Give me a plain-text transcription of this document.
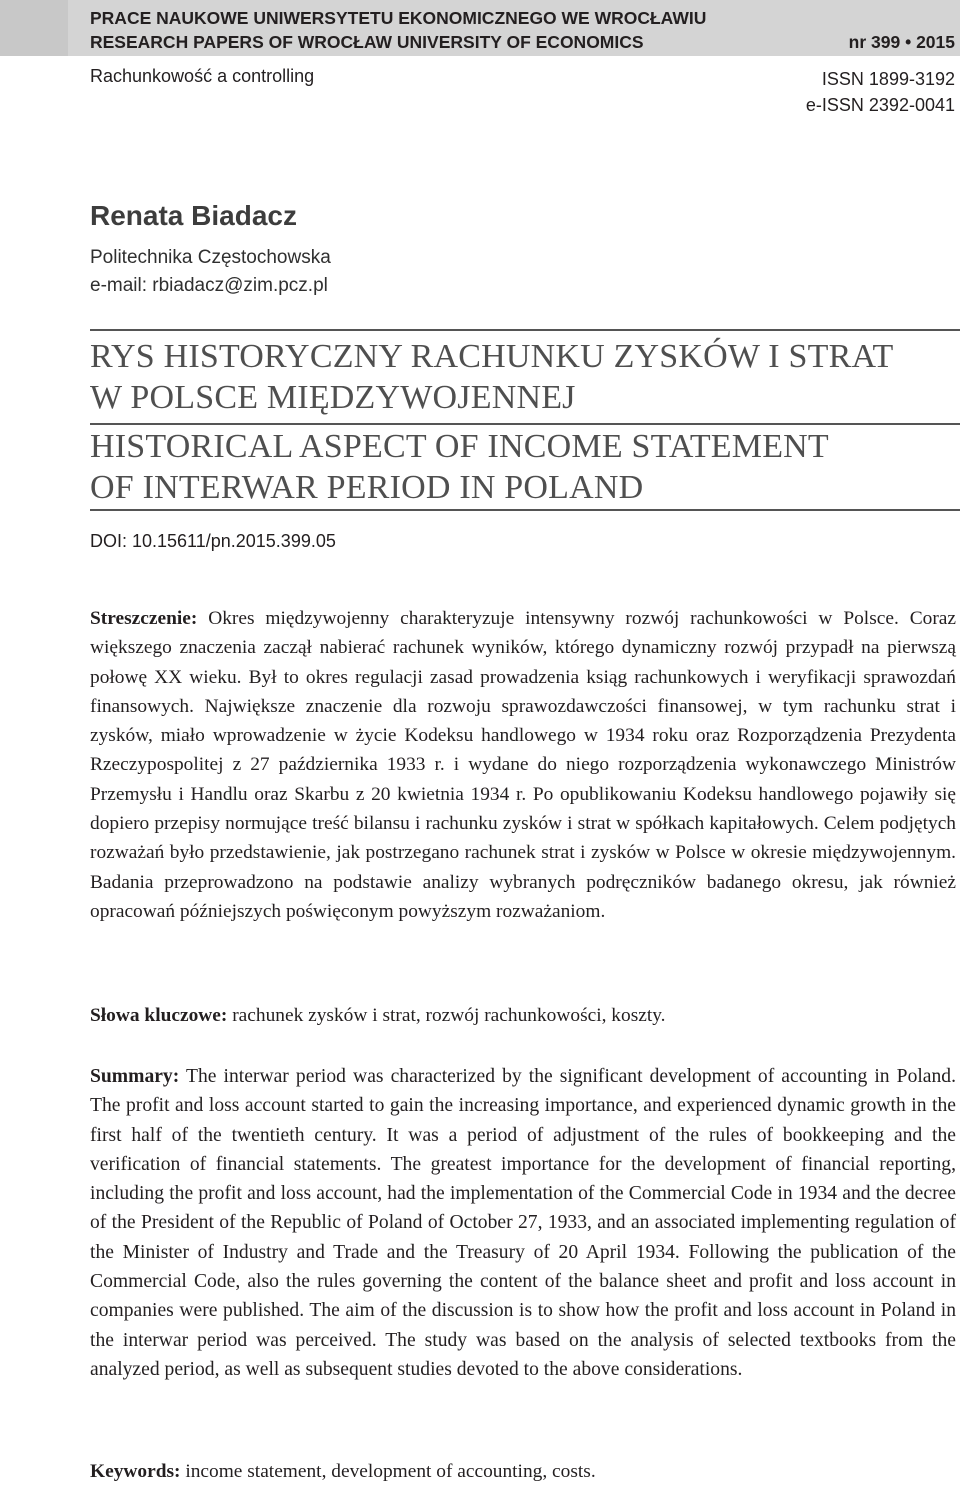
PRACE NAUKOWE UNIWERSYTETU EKONOMICZNEGO WE WROCŁAWIU
RESEARCH PAPERS OF WROCŁAW UNIVERSITY OF ECONOMICS	nr 399 • 2015
Rachunkowość a controlling	ISSN 1899-3192
e-ISSN 2392-0041
Renata Biadacz
Politechnika Częstochowska
e-mail: rbiadacz@zim.pcz.pl
RYS HISTORYCZNY RACHUNKU ZYSKÓW I STRAT
W POLSCE MIĘDZYWOJENNEJ
HISTORICAL ASPECT OF INCOME STATEMENT
OF INTERWAR PERIOD IN POLAND
DOI: 10.15611/pn.2015.399.05

Streszczenie: Okres międzywojenny charakteryzuje intensywny rozwój rachunkowości w Polsce. Coraz większego znaczenia zaczął nabierać rachunek wyników, którego dynamiczny rozwój przypadł na pierwszą połowę XX wieku. Był to okres regulacji zasad prowadzenia ksiąg rachunkowych i weryfikacji sprawozdań finansowych. Największe znaczenie dla rozwoju sprawozdawczości finansowej, w tym rachunku strat i zysków, miało wprowadzenie w życie Kodeksu handlowego w 1934 roku oraz Rozporządzenia Prezydenta Rzeczypospolitej z 27 października 1933 r. i wydane do niego rozporządzenia wykonawczego Ministrów Przemysłu i Handlu oraz Skarbu z 20 kwietnia 1934 r. Po opublikowaniu Kodeksu handlowego pojawiły się dopiero przepisy normujące treść bilansu i rachunku zysków i strat w spółkach kapitałowych. Celem podjętych rozważań było przedstawienie, jak postrzegano rachunek strat i zysków w Polsce w okresie międzywojennym. Badania przeprowadzono na podstawie analizy wybranych podręczników badanego okresu, jak również opracowań późniejszych poświęconym powyższym rozważaniom.

Słowa kluczowe: rachunek zysków i strat, rozwój rachunkowości, koszty.

Summary: The interwar period was characterized by the significant development of accounting in Poland. The profit and loss account started to gain the increasing importance, and experienced dynamic growth in the first half of the twentieth century. It was a period of adjustment of the rules of bookkeeping and the verification of financial statements. The greatest importance for the development of financial reporting, including the profit and loss account, had the implementation of the Commercial Code in 1934 and the decree of the President of the Republic of Poland of October 27, 1933, and an associated implementing regulation of the Minister of Industry and Trade and the Treasury of 20 April 1934. Following the publication of the Commercial Code, also the rules governing the content of the balance sheet and profit and loss account in companies were published. The aim of the discussion is to show how the profit and loss account in Poland in the interwar period was perceived. The study was based on the analysis of selected textbooks from the analyzed period, as well as subsequent studies devoted to the above considerations.

Keywords: income statement, development of accounting, costs.
